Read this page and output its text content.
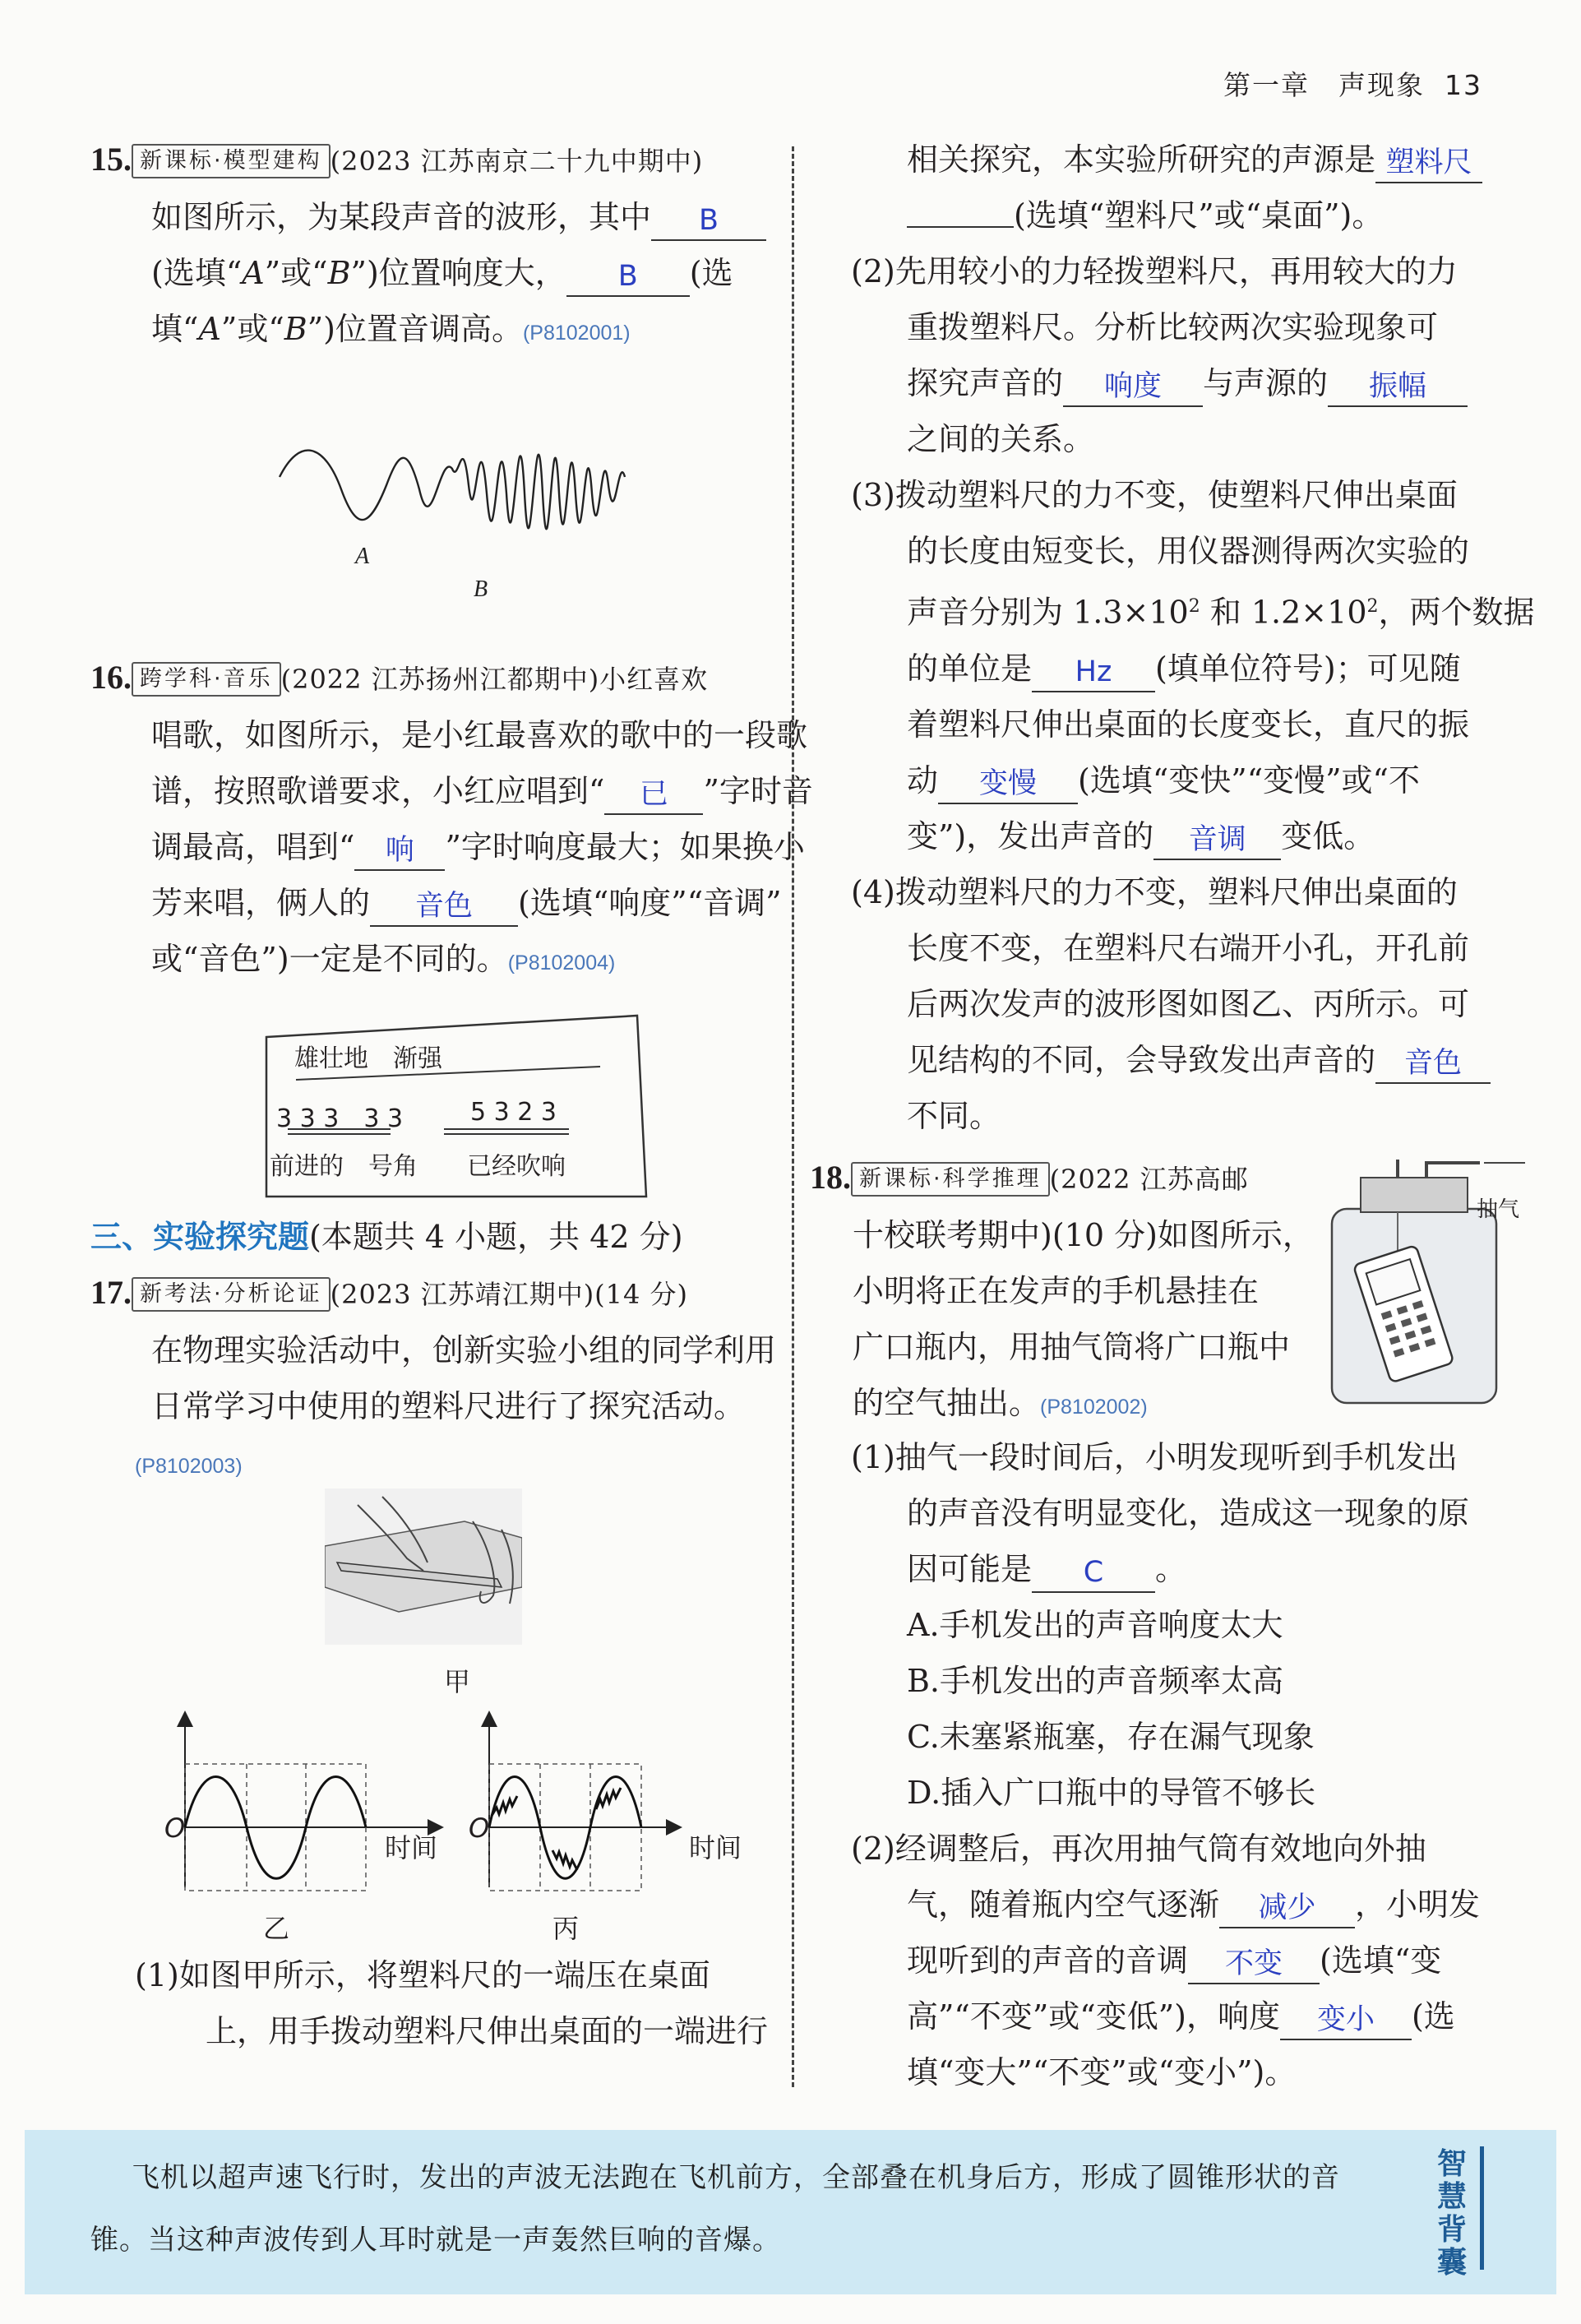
第一章　声现象 13
15. 新课标·模型建构 (2023 江苏南京二十九中期中)
如图所示，为某段声音的波形，其中 B
(选填“A”或“B”)位置响度大， B (选
填“A”或“B”)位置音调高。(P8102001)
A
B
16. 跨学科·音乐 (2022 江苏扬州江都期中)小红喜欢
唱歌，如图所示，是小红最喜欢的歌中的一段歌
谱，按照歌谱要求，小红应唱到“ 已 ”字时音
调最高，唱到“ 响 ”字时响度最大；如果换小
芳来唱，俩人的 音色 (选填“响度”“音调”
或“音色”)一定是不同的。(P8102004)
雄壮地　渐强
3 3 3　3 3	5 3 2 3
前进的　号角 已经吹响
三、实验探究题(本题共 4 小题，共 42 分)
17. 新考法·分析论证 (2023 江苏靖江期中)(14 分)
在物理实验活动中，创新实验小组的同学利用
日常学习中使用的塑料尺进行了探究活动。
(P8102003)
甲
O
时间
乙
O
时间
丙
(1)如图甲所示，将塑料尺的一端压在桌面
上，用手拨动塑料尺伸出桌面的一端进行
相关探究，本实验所研究的声源是 塑料尺
(选填“塑料尺”或“桌面”)。
(2)先用较小的力轻拨塑料尺，再用较大的力
重拨塑料尺。分析比较两次实验现象可
探究声音的 响度 与声源的 振幅
之间的关系。
(3)拨动塑料尺的力不变，使塑料尺伸出桌面
的长度由短变长，用仪器测得两次实验的
声音分别为 $1.3\times 10^2$ 和 $1.2\times 10^2$，两个数据
的单位是 Hz (填单位符号)；可见随
着塑料尺伸出桌面的长度变长，直尺的振
动 变慢 (选填“变快”“变慢”或“不
变”)，发出声音的 音调 变低。
(4)拨动塑料尺的力不变，塑料尺伸出桌面的
长度不变，在塑料尺右端开小孔，开孔前
后两次发声的波形图如图乙、丙所示。可
见结构的不同，会导致发出声音的 音色
不同。
18. 新课标·科学推理 (2022 江苏高邮
十校联考期中)(10 分)如图所示，
小明将正在发声的手机悬挂在
广口瓶内，用抽气筒将广口瓶中
的空气抽出。(P8102002)
抽气
(1)抽气一段时间后，小明发现听到手机发出
的声音没有明显变化，造成这一现象的原
因可能是 C 。
A.手机发出的声音响度太大
B.手机发出的声音频率太高
C.未塞紧瓶塞，存在漏气现象
D.插入广口瓶中的导管不够长
(2)经调整后，再次用抽气筒有效地向外抽
气，随着瓶内空气逐渐 减少 ，小明发
现听到的声音的音调 不变 (选填“变
高”“不变”或“变低”)，响度 变小 (选
填“变大”“不变”或“变小”)。
飞机以超声速飞行时，发出的声波无法跑在飞机前方，全部叠在机身后方，形成了圆锥形状的音
锥。当这种声波传到人耳时就是一声轰然巨响的音爆。
智慧背囊
